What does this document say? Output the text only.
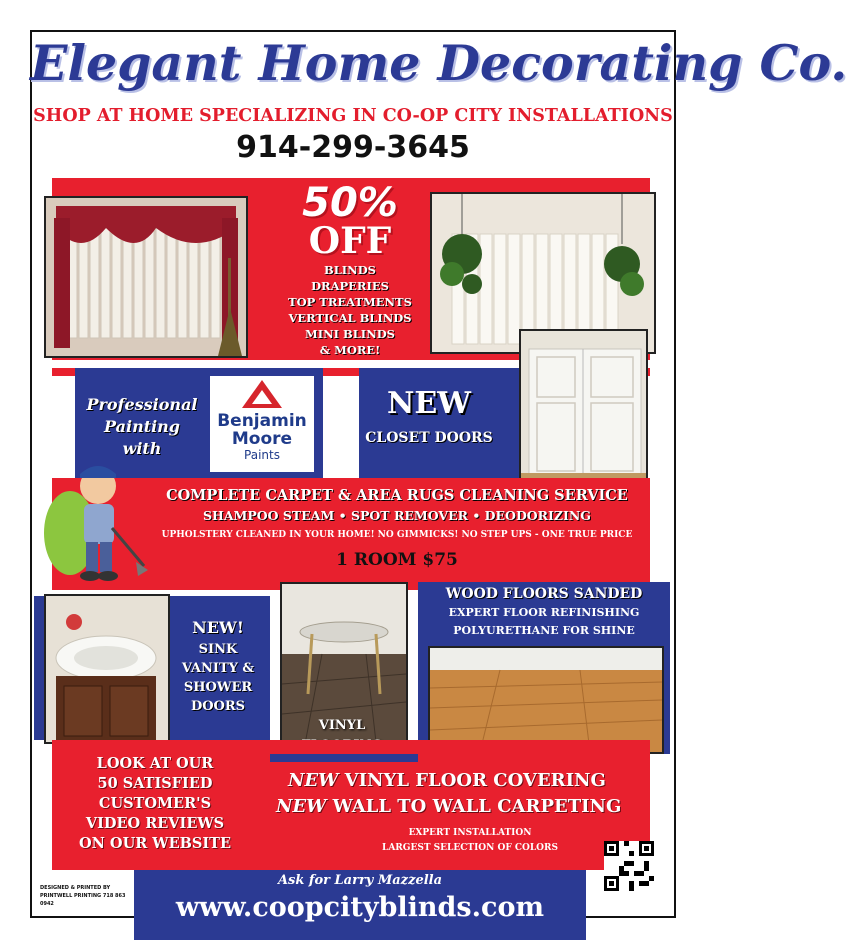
Elegant Home Decorating Co.
SHOP AT HOME SPECIALIZING IN CO-OP CITY INSTALLATIONS
914-299-3645
50%
OFF
BLINDS
DRAPERIES
TOP TREATMENTS
VERTICAL BLINDS
MINI BLINDS
& MORE!
Professional
Painting with
Benjamin
Moore
Paints
NEW
CLOSET DOORS
COMPLETE CARPET & AREA RUGS CLEANING SERVICE
SHAMPOO STEAM • SPOT REMOVER • DEODORIZING
UPHOLSTERY CLEANED IN YOUR HOME! NO GIMMICKS! NO STEP UPS - ONE TRUE PRICE
1 ROOM $75
NEW!
SINK
VANITY &
SHOWER
DOORS
VINYL
WOOD FLOORS SANDED
EXPERT FLOOR REFINISHING
POLYURETHANE FOR SHINE
LOOK AT OUR
50 SATISFIED
CUSTOMER'S
VIDEO REVIEWS
ON OUR WEBSITE
NEW VINYL FLOOR COVERING
NEW WALL TO WALL CARPETING
EXPERT INSTALLATION
LARGEST SELECTION OF COLORS
DESIGNED & PRINTED BY
PRINTWELL PRINTING 718 863 0942
Ask for Larry Mazzella
www.coopcityblinds.com
